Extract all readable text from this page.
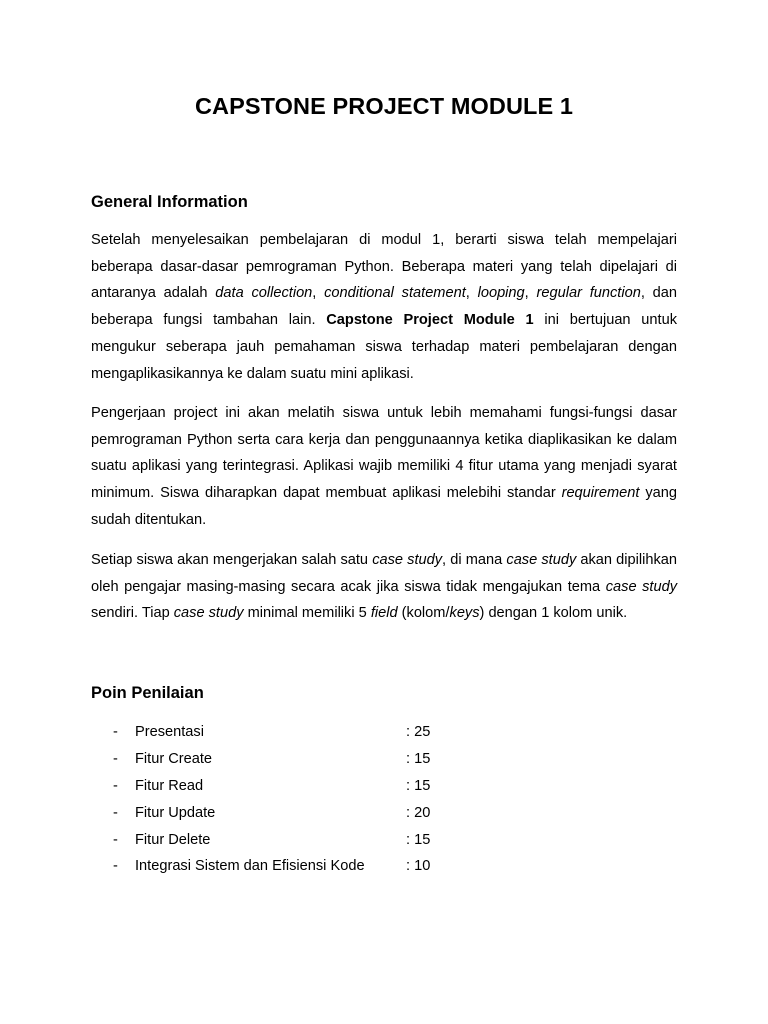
CAPSTONE PROJECT MODULE 1
General Information

Setelah menyelesaikan pembelajaran di modul 1, berarti siswa telah mempelajari beberapa dasar-dasar pemrograman Python. Beberapa materi yang telah dipelajari di antaranya adalah data collection, conditional statement, looping, regular function, dan beberapa fungsi tambahan lain. Capstone Project Module 1 ini bertujuan untuk mengukur seberapa jauh pemahaman siswa terhadap materi pembelajaran dengan mengaplikasikannya ke dalam suatu mini aplikasi.

Pengerjaan project ini akan melatih siswa untuk lebih memahami fungsi-fungsi dasar pemrograman Python serta cara kerja dan penggunaannya ketika diaplikasikan ke dalam suatu aplikasi yang terintegrasi. Aplikasi wajib memiliki 4 fitur utama yang menjadi syarat minimum. Siswa diharapkan dapat membuat aplikasi melebihi standar requirement yang sudah ditentukan.

Setiap siswa akan mengerjakan salah satu case study, di mana case study akan dipilihkan oleh pengajar masing-masing secara acak jika siswa tidak mengajukan tema case study sendiri. Tiap case study minimal memiliki 5 field (kolom/keys) dengan 1 kolom unik.

Poin Penilaian
- Presentasi	: 25
- Fitur Create	: 15
- Fitur Read	: 15
- Fitur Update	: 20
- Fitur Delete	: 15
- Integrasi Sistem dan Efisiensi Kode	: 10
